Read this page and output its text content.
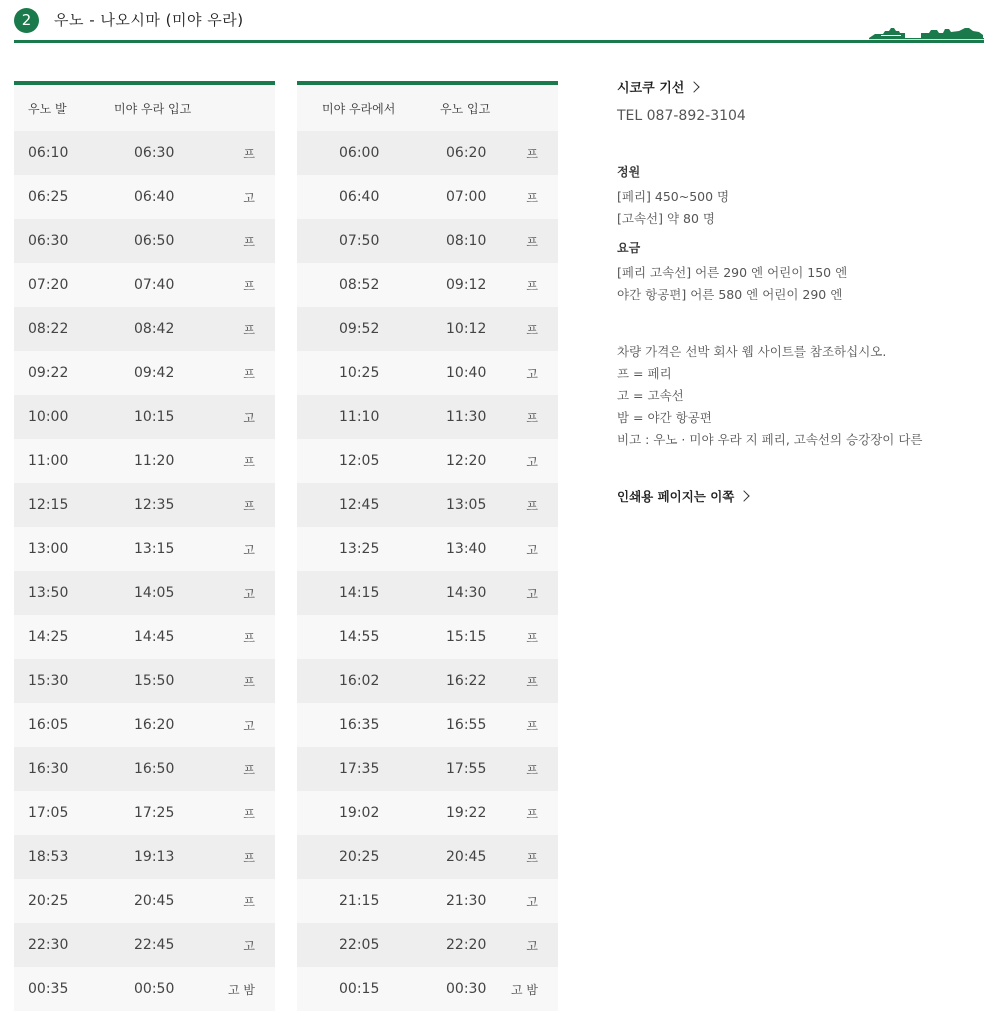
2	우노 - 나오시마 (미야 우라)
우노 발	미야 우라 입고
06:10	06:30	프
06:25	06:40	고
06:30	06:50	프
07:20	07:40	프
08:22	08:42	프
09:22	09:42	프
10:00	10:15	고
11:00	11:20	프
12:15	12:35	프
13:00	13:15	고
13:50	14:05	고
14:25	14:45	프
15:30	15:50	프
16:05	16:20	고
16:30	16:50	프
17:05	17:25	프
18:53	19:13	프
20:25	20:45	프
22:30	22:45	고
00:35	00:50	고 밤
미야 우라에서	우노 입고
06:00	06:20	프
06:40	07:00	프
07:50	08:10	프
08:52	09:12	프
09:52	10:12	프
10:25	10:40	고
11:10	11:30	프
12:05	12:20	고
12:45	13:05	프
13:25	13:40	고
14:15	14:30	고
14:55	15:15	프
16:02	16:22	프
16:35	16:55	프
17:35	17:55	프
19:02	19:22	프
20:25	20:45	프
21:15	21:30	고
22:05	22:20	고
00:15	00:30 고 밤
시코쿠 기선
TEL 087-892-3104
정원
[페리] 450~500 명
[고속선] 약 80 명
요금
[페리 고속선] 어른 290 엔 어린이 150 엔
야간 항공편] 어른 580 엔 어린이 290 엔
차량 가격은 선박 회사 웹 사이트를 참조하십시오.
프 = 페리
고 = 고속선
밤 = 야간 항공편
비고 : 우노 · 미야 우라 지 페리, 고속선의 승강장이 다른
인쇄용 페이지는 이쪽
